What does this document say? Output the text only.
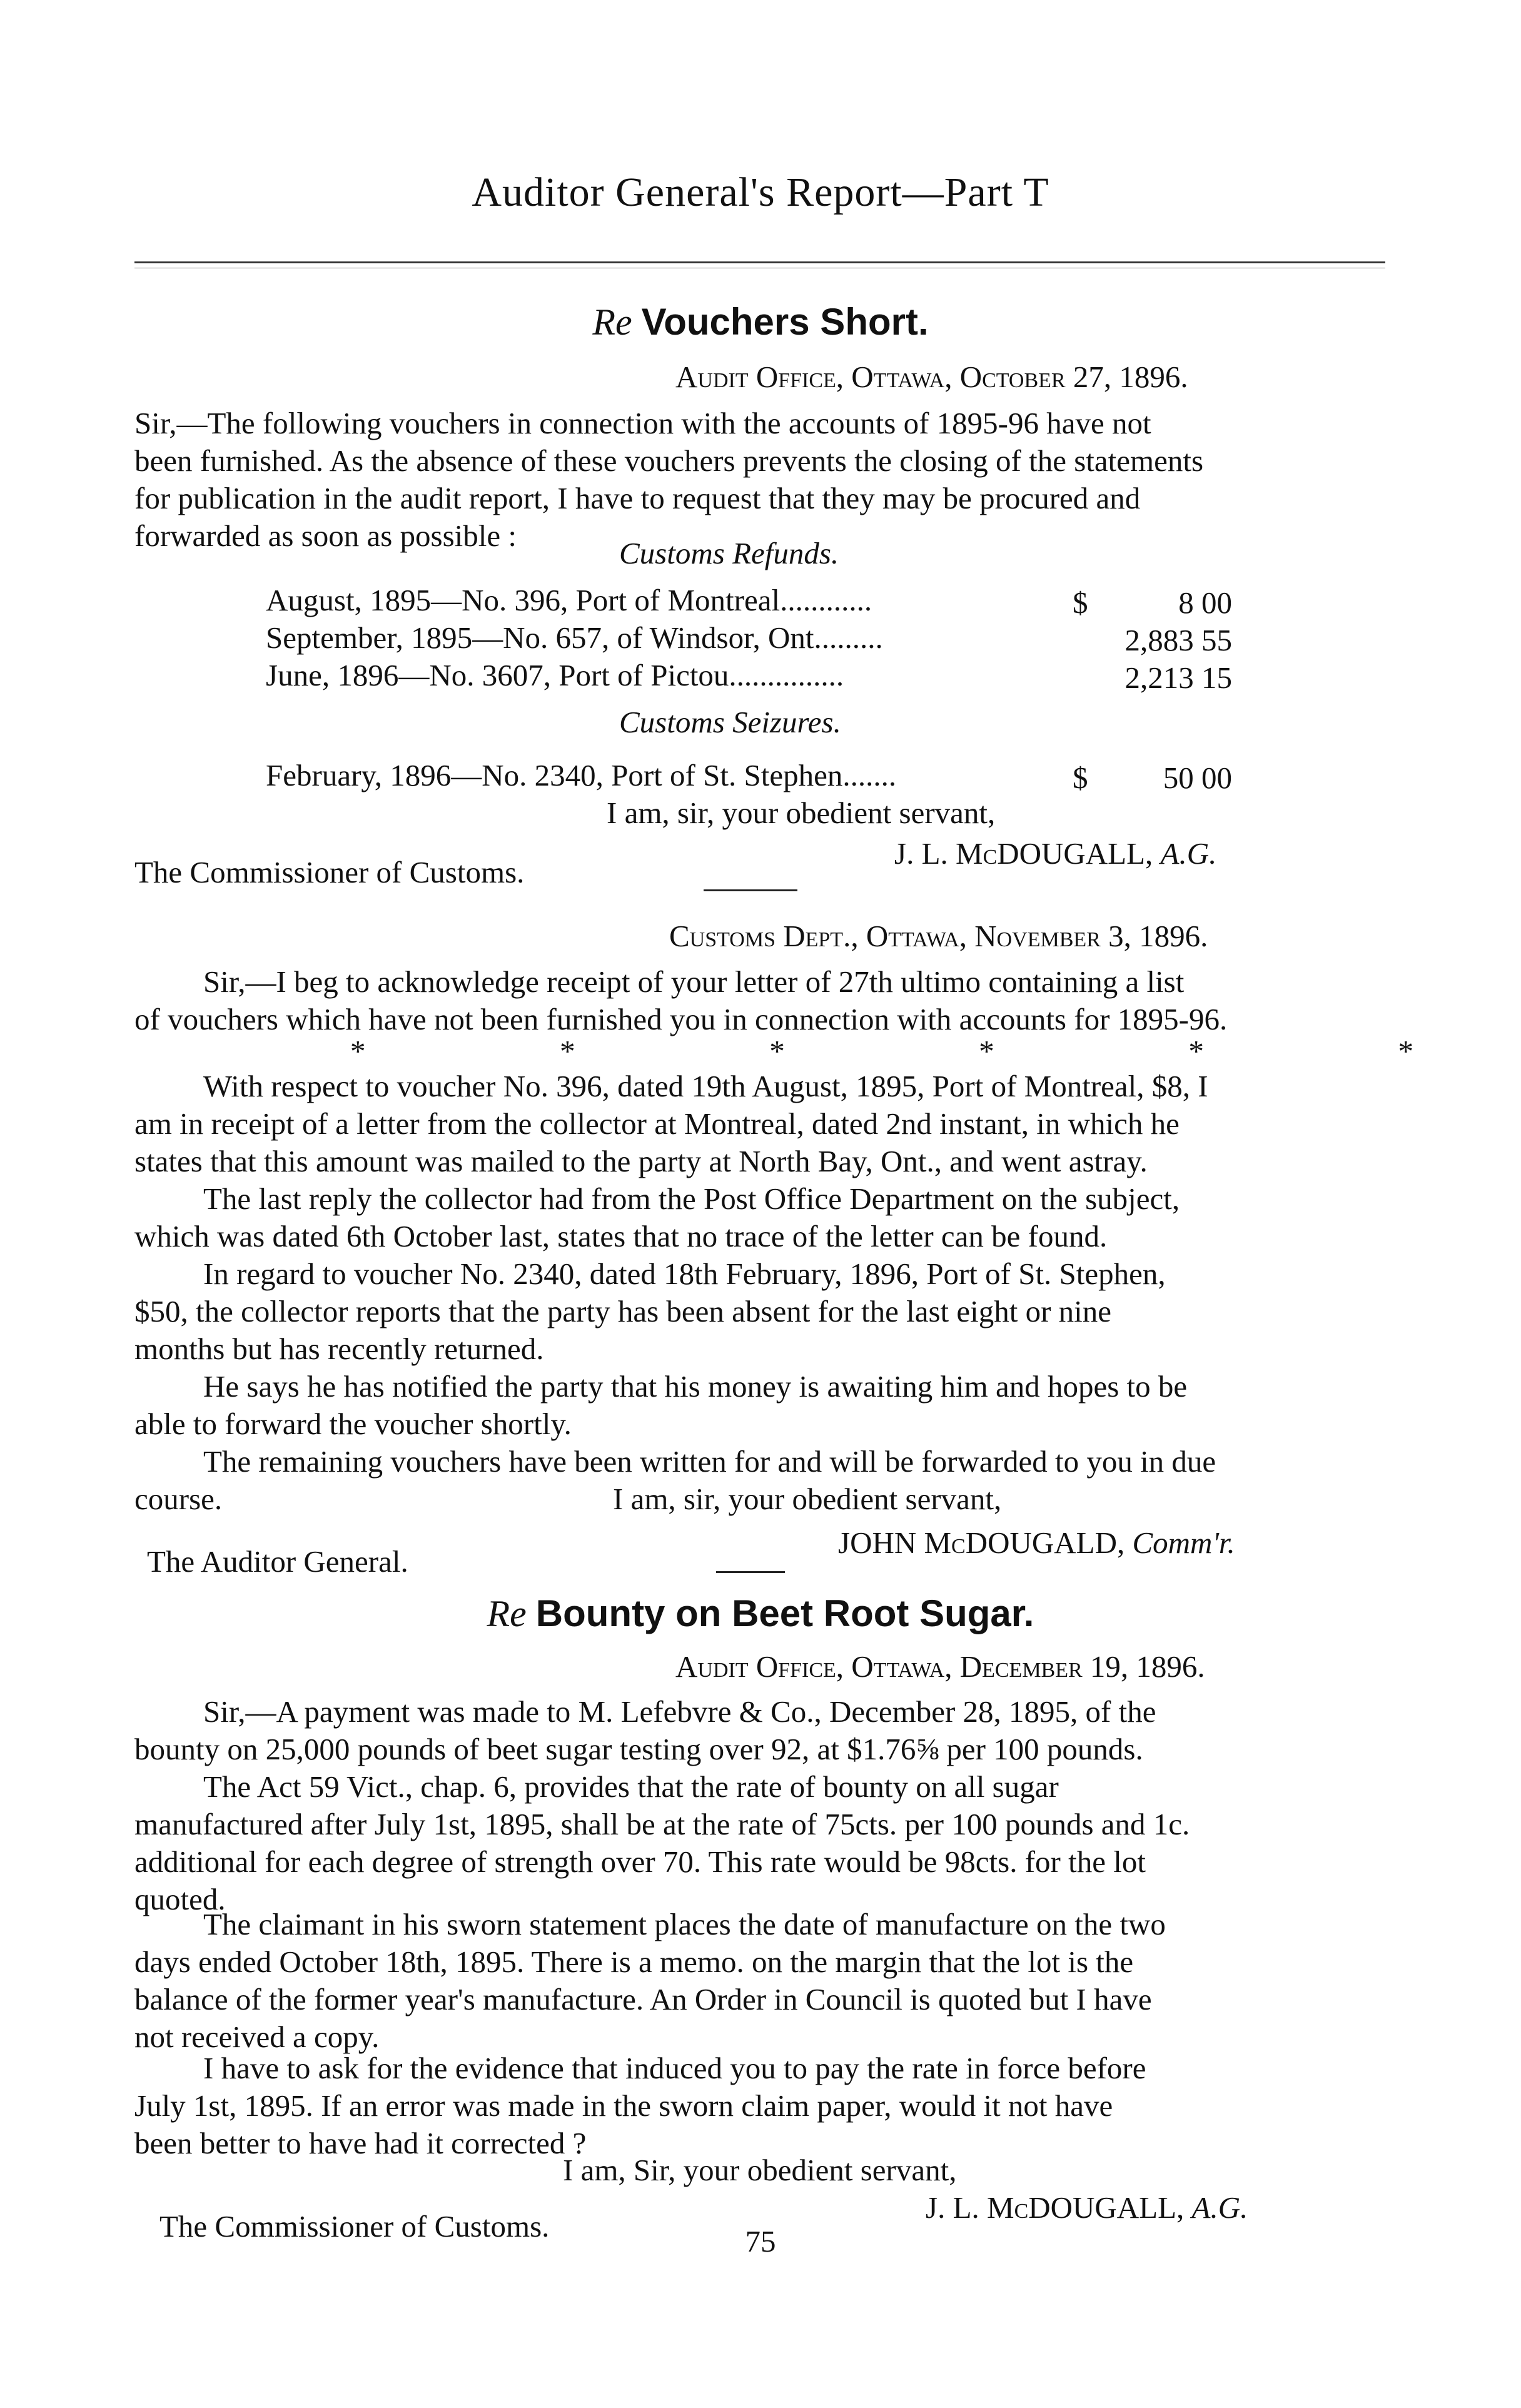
Auditor General's Report—Part T
Re Vouchers Short.
Audit Office, Ottawa, October 27, 1896.
Sir,—The following vouchers in connection with the accounts of 1895-96 have not
been furnished. As the absence of these vouchers prevents the closing of the statements
for publication in the audit report, I have to request that they may be procured and
forwarded as soon as possible :
Customs Refunds.
August, 1895—No. 396, Port of Montreal............	$	8 00
September, 1895—No. 657, of Windsor, Ont.........	2,883 55
June, 1896—No. 3607, Port of Pictou...............	2,213 15
Customs Seizures.
February, 1896—No. 2340, Port of St. Stephen.......	$	50 00
I am, sir, your obedient servant,
The Commissioner of Customs.
J. L. McDOUGALL, A.G.
Customs Dept., Ottawa, November 3, 1896.
Sir,—I beg to acknowledge receipt of your letter of 27th ultimo containing a list
of vouchers which have not been furnished you in connection with accounts for 1895-96.
*	*	*	*	*	*
With respect to voucher No. 396, dated 19th August, 1895, Port of Montreal, $8, I
am in receipt of a letter from the collector at Montreal, dated 2nd instant, in which he
states that this amount was mailed to the party at North Bay, Ont., and went astray.
The last reply the collector had from the Post Office Department on the subject,
which was dated 6th October last, states that no trace of the letter can be found.
In regard to voucher No. 2340, dated 18th February, 1896, Port of St. Stephen,
$50, the collector reports that the party has been absent for the last eight or nine
months but has recently returned.
He says he has notified the party that his money is awaiting him and hopes to be
able to forward the voucher shortly.
The remaining vouchers have been written for and will be forwarded to you in due
course.	I am, sir, your obedient servant,
The Auditor General.
JOHN McDOUGALD, Comm'r.
Re Bounty on Beet Root Sugar.
Audit Office, Ottawa, December 19, 1896.
Sir,—A payment was made to M. Lefebvre & Co., December 28, 1895, of the
bounty on 25,000 pounds of beet sugar testing over 92, at $1.76⅝ per 100 pounds.
The Act 59 Vict., chap. 6, provides that the rate of bounty on all sugar
manufactured after July 1st, 1895, shall be at the rate of 75cts. per 100 pounds and 1c.
additional for each degree of strength over 70. This rate would be 98cts. for the lot
quoted.
The claimant in his sworn statement places the date of manufacture on the two
days ended October 18th, 1895. There is a memo. on the margin that the lot is the
balance of the former year's manufacture. An Order in Council is quoted but I have
not received a copy.
I have to ask for the evidence that induced you to pay the rate in force before
July 1st, 1895. If an error was made in the sworn claim paper, would it not have
been better to have had it corrected ?
I am, Sir, your obedient servant,
The Commissioner of Customs.
J. L. McDOUGALL, A.G.
75
